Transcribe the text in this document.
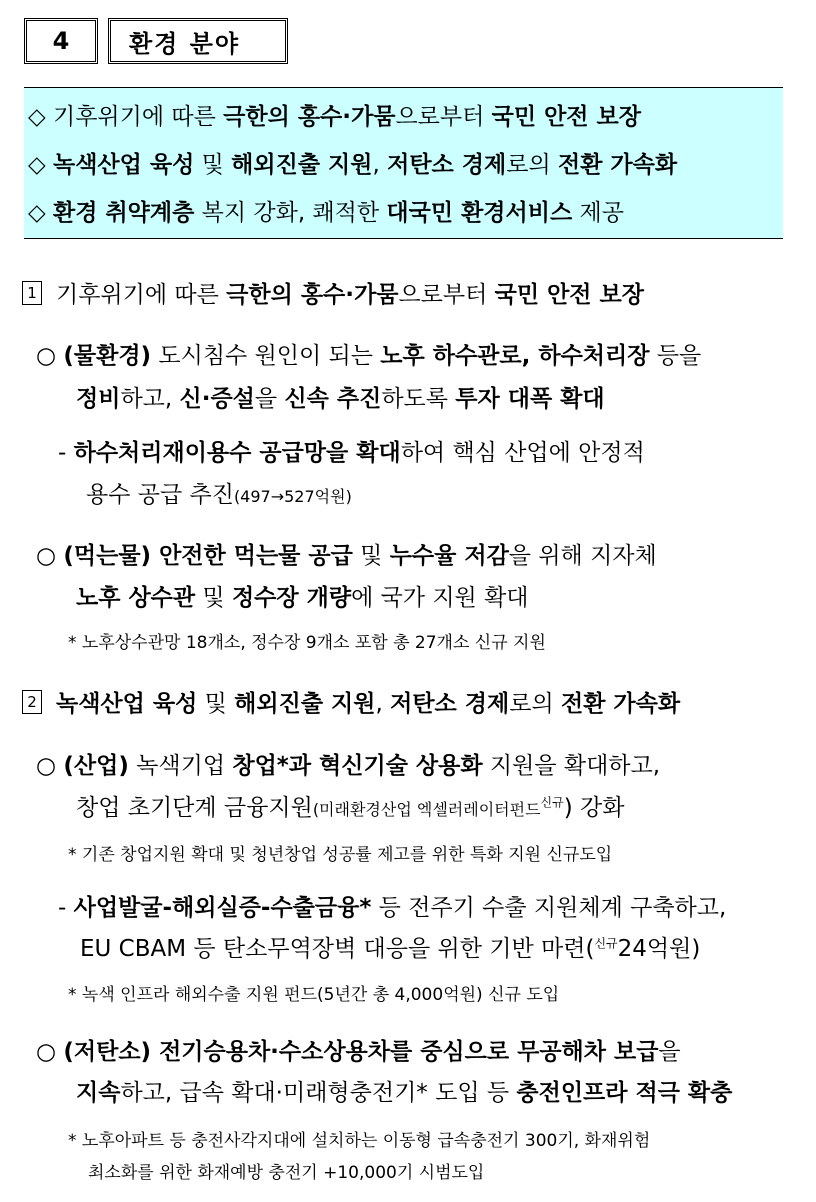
4 환경 분야
◇ 기후위기에 따른 극한의 홍수·가뭄으로부터 국민 안전 보장
◇ 녹색산업 육성 및 해외진출 지원, 저탄소 경제로의 전환 가속화
◇ 환경 취약계층 복지 강화, 쾌적한 대국민 환경서비스 제공
1 기후위기에 따른 극한의 홍수·가뭄으로부터 국민 안전 보장
○ (물환경) 도시침수 원인이 되는 노후 하수관로, 하수처리장 등을
정비하고, 신·증설을 신속 추진하도록 투자 대폭 확대
- 하수처리재이용수 공급망을 확대하여 핵심 산업에 안정적
용수 공급 추진(497→527억원)
○ (먹는물) 안전한 먹는물 공급 및 누수율 저감을 위해 지자체
노후 상수관 및 정수장 개량에 국가 지원 확대
* 노후상수관망 18개소, 정수장 9개소 포함 총 27개소 신규 지원
2 녹색산업 육성 및 해외진출 지원, 저탄소 경제로의 전환 가속화
○ (산업) 녹색기업 창업*과 혁신기술 상용화 지원을 확대하고,
창업 초기단계 금융지원(미래환경산업 엑셀러레이터펀드$^{신규}$) 강화
* 기존 창업지원 확대 및 청년창업 성공률 제고를 위한 특화 지원 신규도입
- 사업발굴-해외실증-수출금융* 등 전주기 수출 지원체계 구축하고,
EU CBAM 등 탄소무역장벽 대응을 위한 기반 마련($^{신규}$24억원)
* 녹색 인프라 해외수출 지원 펀드(5년간 총 4,000억원) 신규 도입
○ (저탄소) 전기승용차·수소상용차를 중심으로 무공해차 보급을
지속하고, 급속 확대·미래형충전기* 도입 등 충전인프라 적극 확충
* 노후아파트 등 충전사각지대에 설치하는 이동형 급속충전기 300기, 화재위험
최소화를 위한 화재예방 충전기 +10,000기 시범도입
